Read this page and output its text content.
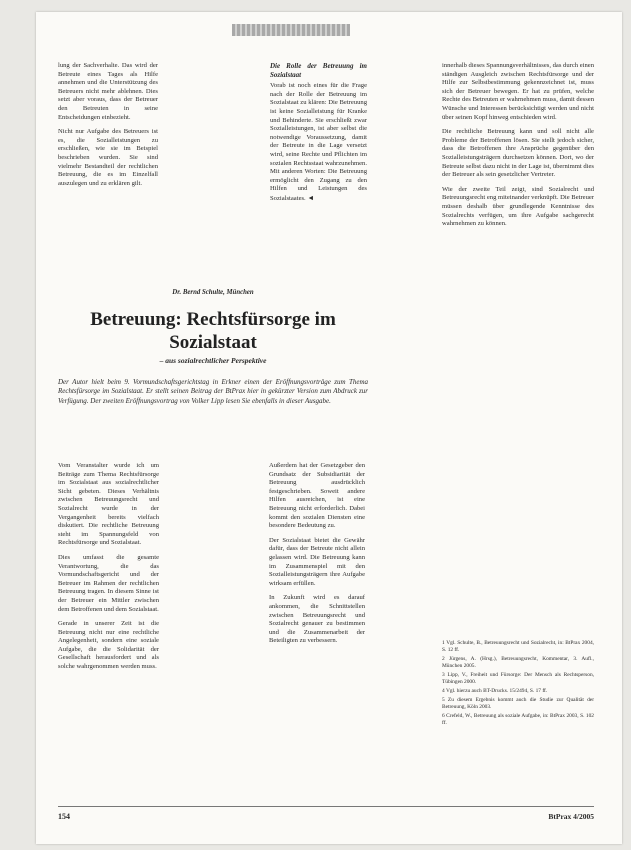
lung der Sachverhalte. Das wird der Betreute eines Tages als Hilfe annehmen und die Unterstützung des Betreuers nicht mehr ablehnen. Dies setzt aber voraus, dass der Betreuer den Betreuten in seine Entscheidungen einbezieht.

Nicht nur Aufgabe des Betreuers ist es, die Sozialleistungen zu erschließen, wie sie im Beispiel beschrieben wurden. Sie sind vielmehr Bestandteil der rechtlichen Betreuung, die es im Einzelfall auszulegen und zu erklären gilt.

Die Rolle der Betreuung im Sozialstaat

Vorab ist noch eines für die Frage nach der Rolle der Betreuung im Sozialstaat zu klären: Die Betreuung ist keine Sozialleistung für Kranke und Behinderte. Sie erschließt zwar Sozialleistungen, ist aber selbst die notwendige Voraussetzung, damit der Betreute in die Lage versetzt wird, seine Rechte und Pflichten im sozialen Rechtsstaat wahrzunehmen. Mit anderen Worten: Die Betreuung ermöglicht den Zugang zu den Hilfen und Leistungen des Sozialstaates. ◄

innerhalb dieses Spannungsverhältnisses, das durch einen ständigen Ausgleich zwischen Rechtsfürsorge und der Hilfe zur Selbstbestimmung gekennzeichnet ist, muss sich der Betreuer bewegen. Er hat zu prüfen, welche Rechte des Betreuten er wahrnehmen muss, damit dessen Wünsche und Interessen berücksichtigt werden und nicht über seinen Kopf hinweg entschieden wird.

Die rechtliche Betreuung kann und soll nicht alle Probleme der Betroffenen lösen. Sie stellt jedoch sicher, dass die Betroffenen ihre Ansprüche gegenüber den Sozialleistungsträgern durchsetzen können. Dort, wo der Betreute selbst dazu nicht in der Lage ist, übernimmt dies der Betreuer als sein gesetzlicher Vertreter.

Wie der zweite Teil zeigt, sind Sozialrecht und Betreuungsrecht eng miteinander verknüpft. Die Betreuer müssen deshalb über grundlegende Kenntnisse des Sozialrechts verfügen, um ihre Aufgabe sachgerecht wahrnehmen zu können.

Dr. Bernd Schulte, München
Betreuung: Rechtsfürsorge im Sozialstaat
– aus sozialrechtlicher Perspektive

Der Autor hielt beim 9. Vormundschaftsgerichtstag in Erkner einen der Eröffnungsvorträge zum Thema Rechtsfürsorge im Sozialstaat. Er stellt seinen Beitrag der BtPrax hier in gekürzter Version zum Abdruck zur Verfügung. Der zweiten Eröffnungsvortrag von Volker Lipp lesen Sie ebenfalls in dieser Ausgabe.

Vom Veranstalter wurde ich um Beiträge zum Thema Rechtsfürsorge im Sozialstaat aus sozialrechtlicher Sicht gebeten. Dieses Verhältnis zwischen Betreuungsrecht und Sozialrecht wurde in der Vergangenheit bereits vielfach diskutiert. Die rechtliche Betreuung steht im Spannungsfeld von Rechtsfürsorge und Sozialstaat.

Dies umfasst die gesamte Verantwortung, die das Vormundschaftsgericht und der Betreuer im Rahmen der rechtlichen Betreuung tragen. In diesem Sinne ist der Betreuer ein Mittler zwischen dem Betroffenen und dem Sozialstaat.

Gerade in unserer Zeit ist die Betreuung nicht nur eine rechtliche Angelegenheit, sondern eine soziale Aufgabe, die die Solidarität der Gesellschaft herausfordert und als solche wahrgenommen werden muss.

Außerdem hat der Gesetzgeber den Grundsatz der Subsidiarität der Betreuung ausdrücklich festgeschrieben. Soweit andere Hilfen ausreichen, ist eine Betreuung nicht erforderlich. Dabei kommt den sozialen Diensten eine besondere Bedeutung zu.

Der Sozialstaat bietet die Gewähr dafür, dass der Betreute nicht allein gelassen wird. Die Betreuung kann im Zusammenspiel mit den Sozialleistungsträgern ihre Aufgabe wirksam erfüllen.

In Zukunft wird es darauf ankommen, die Schnittstellen zwischen Betreuungsrecht und Sozialrecht genauer zu bestimmen und die Zusammenarbeit der Beteiligten zu verbessern.	1 Vgl. Schulte, B., Betreuungsrecht und Sozialrecht, in: BtPrax 2004, S. 12 ff.

2 Jürgens, A. (Hrsg.), Betreuungsrecht, Kommentar, 3. Aufl., München 2005.

3 Lipp, V., Freiheit und Fürsorge: Der Mensch als Rechtsperson, Tübingen 2000.

4 Vgl. hierzu auch BT-Drucks. 15/2494, S. 17 ff.

5 Zu diesem Ergebnis kommt auch die Studie zur Qualität der Betreuung, Köln 2003.

6 Crefeld, W., Betreuung als soziale Aufgabe, in: BtPrax 2003, S. 102 ff.

154	BtPrax 4/2005
